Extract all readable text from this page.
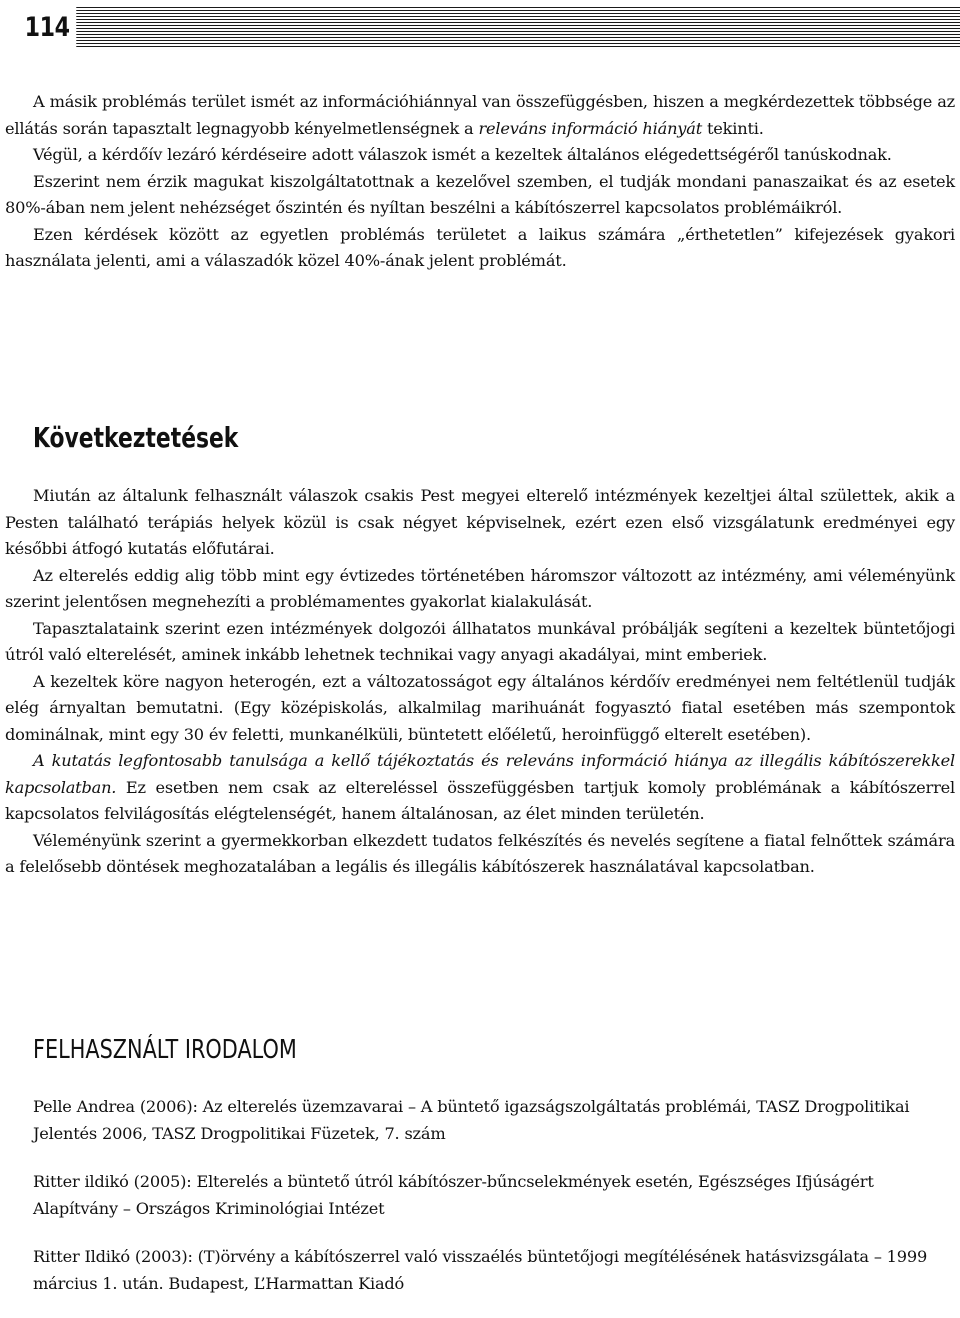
114

A másik problémás terület ismét az információhiánnyal van összefüggésben, hiszen a megkérdezettek többsége az ellátás során tapasztalt legnagyobb kényelmetlenségnek a releváns információ hiányát tekinti.

Végül, a kérdőív lezáró kérdéseire adott válaszok ismét a kezeltek általános elégedettségéről tanúskodnak.

Eszerint nem érzik magukat kiszolgáltatottnak a kezelővel szemben, el tudják mondani panaszaikat és az esetek 80%-ában nem jelent nehézséget őszintén és nyíltan beszélni a kábítószerrel kapcsolatos problémáikról.

Ezen kérdések között az egyetlen problémás területet a laikus számára „érthetetlen” kifejezések gyakori használata jelenti, ami a válaszadók közel 40%-ának jelent problémát.

Következtetések

Miután az általunk felhasznált válaszok csakis Pest megyei elterelő intézmények kezeltjei által születtek, akik a Pesten található terápiás helyek közül is csak négyet képviselnek, ezért ezen első vizsgálatunk eredményei egy későbbi átfogó kutatás előfutárai.

Az elterelés eddig alig több mint egy évtizedes történetében háromszor változott az intézmény, ami véleményünk szerint jelentősen megnehezíti a problémamentes gyakorlat kialakulását.

Tapasztalataink szerint ezen intézmények dolgozói állhatatos munkával próbálják segíteni a kezeltek büntetőjogi útról való elterelését, aminek inkább lehetnek technikai vagy anyagi akadályai, mint emberiek.

A kezeltek köre nagyon heterogén, ezt a változatosságot egy általános kérdőív eredményei nem feltétlenül tudják elég árnyaltan bemutatni. (Egy középiskolás, alkalmilag marihuánát fogyasztó fiatal esetében más szempontok dominálnak, mint egy 30 év feletti, munkanélküli, büntetett előéletű, heroinfüggő elterelt esetében).

A kutatás legfontosabb tanulsága a kellő tájékoztatás és releváns információ hiánya az illegális kábítószerekkel kapcsolatban. Ez esetben nem csak az eltereléssel összefüggésben tartjuk komoly problémának a kábítószerrel kapcsolatos felvilágosítás elégtelenségét, hanem általánosan, az élet minden területén.

Véleményünk szerint a gyermekkorban elkezdett tudatos felkészítés és nevelés segítene a fiatal felnőttek számára a felelősebb döntések meghozatalában a legális és illegális kábítószerek használatával kapcsolatban.

FELHASZNÁLT IRODALOM

Pelle Andrea (2006): Az elterelés üzemzavarai – A büntető igazságszolgáltatás problémái, TASZ Drogpolitikai Jelentés 2006, TASZ Drogpolitikai Füzetek, 7. szám

Ritter ildikó (2005): Elterelés a büntető útról kábítószer-bűncselekmények esetén, Egészséges Ifjúságért Alapítvány – Országos Kriminológiai Intézet

Ritter Ildikó (2003): (T)örvény a kábítószerrel való visszaélés büntetőjogi megítélésének hatásvizsgálata – 1999 március 1. után. Budapest, L’Harmattan Kiadó
